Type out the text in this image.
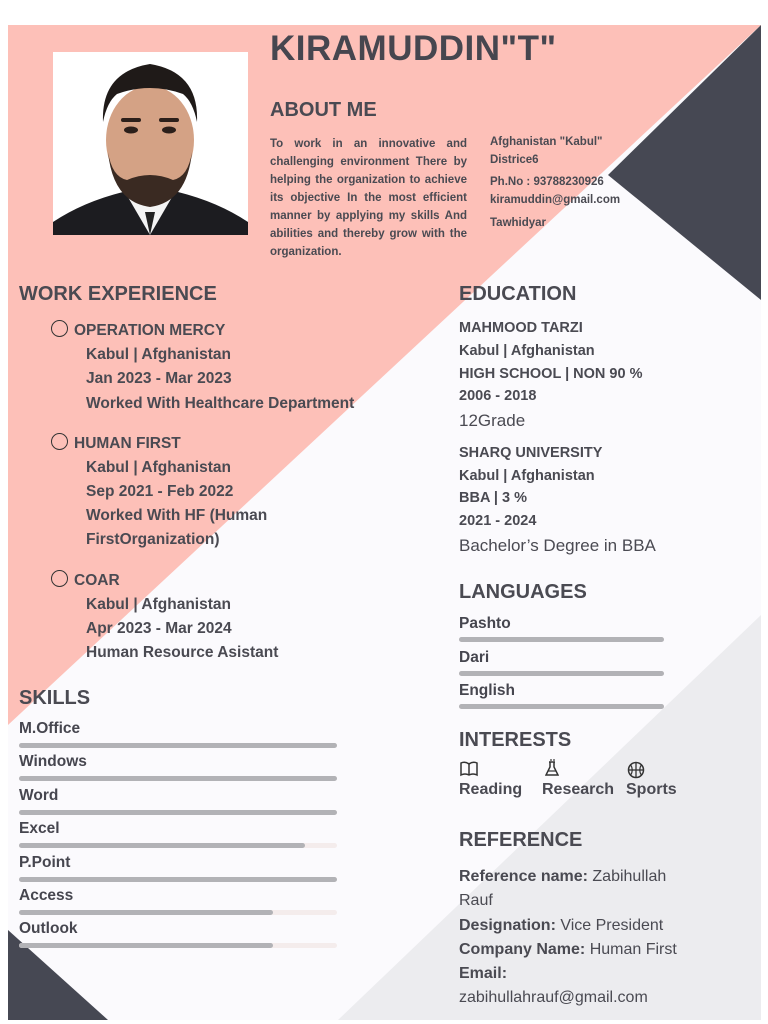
KIRAMUDDIN"T"
ABOUT ME
To work in an innovative and challenging environment There by helping the organization to achieve its objective In the most efficient manner by applying my skills And abilities and thereby grow with the organization.
Afghanistan "Kabul"
Districe6
Ph.No : 93788230926
kiramuddin@gmail.com
Tawhidyar
WORK EXPERIENCE
OPERATION MERCY
Kabul | Afghanistan
Jan 2023 - Mar 2023
Worked With Healthcare Department
HUMAN FIRST
Kabul | Afghanistan
Sep 2021 - Feb 2022
Worked With HF (Human FirstOrganization)
COAR
Kabul | Afghanistan
Apr 2023 - Mar 2024
Human Resource Asistant
SKILLS
M.Office
Windows
Word
Excel
P.Point
Access
Outlook
EDUCATION
MAHMOOD TARZI
Kabul | Afghanistan
HIGH SCHOOL | NON 90 %
2006 - 2018
12Grade
SHARQ UNIVERSITY
Kabul | Afghanistan
BBA | 3 %
2021 - 2024
Bachelor’s Degree in BBA
LANGUAGES
Pashto
Dari
English
INTERESTS
Reading Research Sports
REFERENCE
Reference name: Zabihullah Rauf
Designation: Vice President
Company Name: Human First
Email:
zabihullahrauf@gmail.com
